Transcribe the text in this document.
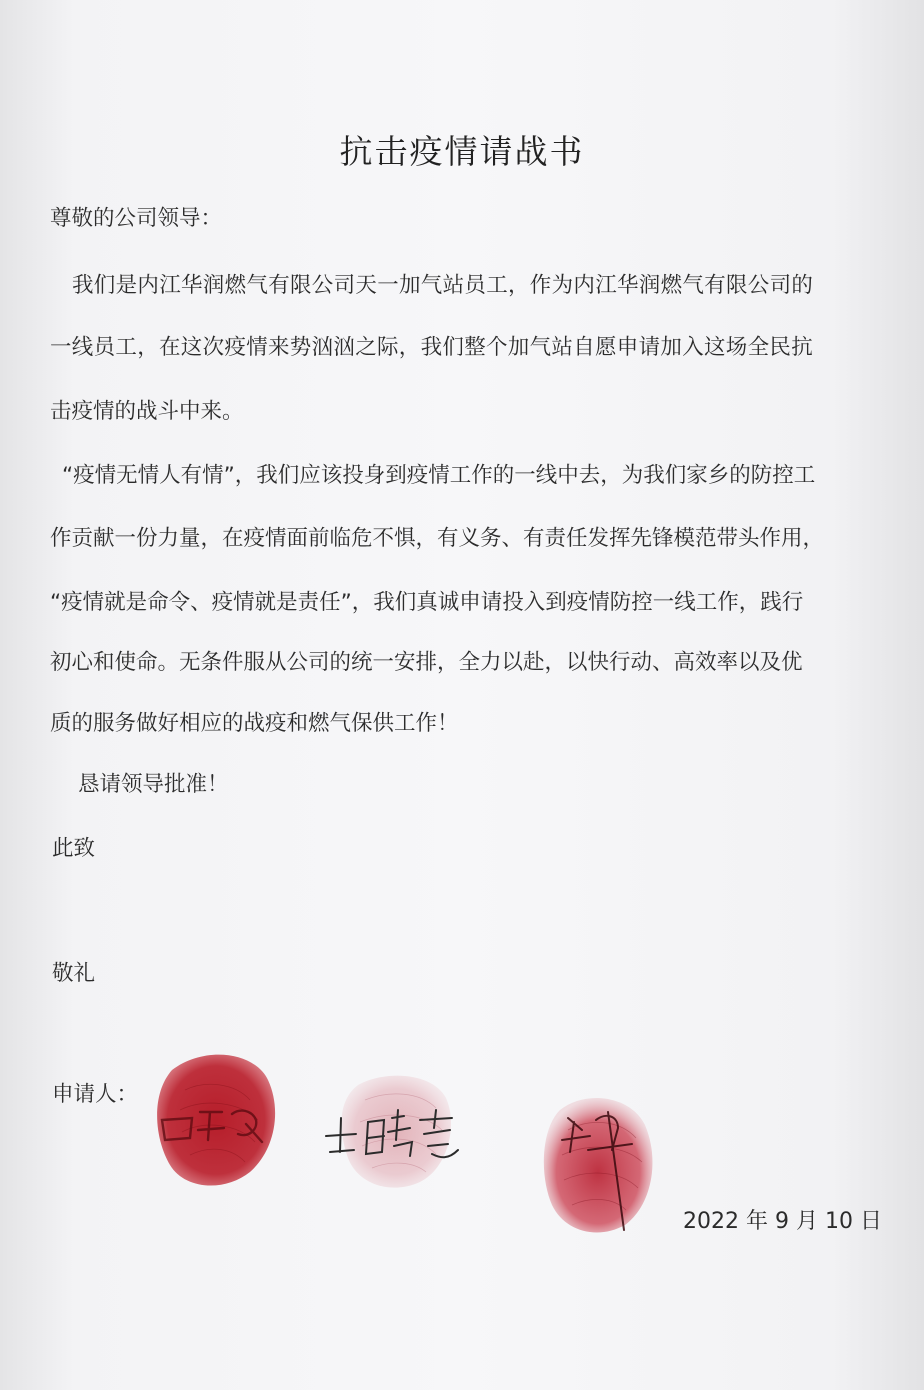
抗击疫情请战书
尊敬的公司领导：
我们是内江华润燃气有限公司天一加气站员工，作为内江华润燃气有限公司的
一线员工，在这次疫情来势汹汹之际，我们整个加气站自愿申请加入这场全民抗
击疫情的战斗中来。
“疫情无情人有情”，我们应该投身到疫情工作的一线中去，为我们家乡的防控工
作贡献一份力量，在疫情面前临危不惧，有义务、有责任发挥先锋模范带头作用，
“疫情就是命令、疫情就是责任”，我们真诚申请投入到疫情防控一线工作，践行
初心和使命。无条件服从公司的统一安排，全力以赴，以快行动、高效率以及优
质的服务做好相应的战疫和燃气保供工作！
恳请领导批准！
此致
敬礼
申请人：
2022 年 9 月 10 日
